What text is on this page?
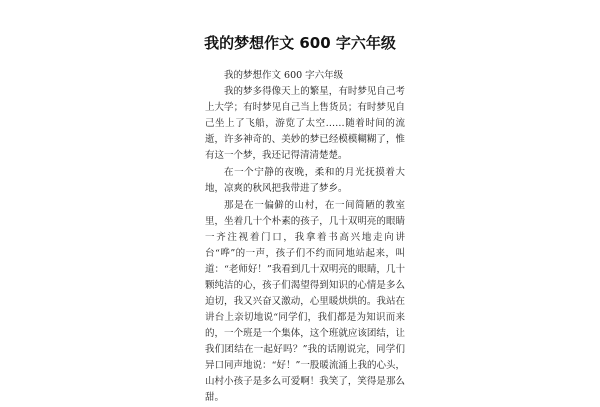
我的梦想作文 600 字六年级

我的梦想作文 600 字六年级

我的梦多得像天上的繁星，有时梦见自己考上大学；有时梦见自己当上售货员；有时梦见自己坐上了飞船，游览了太空……随着时间的流逝，许多神奇的、美妙的梦已经模模糊糊了，惟有这一个梦，我还记得清清楚楚。

在一个宁静的夜晚，柔和的月光抚摸着大地，凉爽的秋风把我带进了梦乡。

那是在一偏僻的山村，在一间简陋的教室里，坐着几十个朴素的孩子，几十双明亮的眼睛一齐注视着门口，我拿着书高兴地走向讲台“哗”的一声，孩子们不约而同地站起来，叫道：“老师好！”我看到几十双明亮的眼睛，几十颗纯洁的心，孩子们渴望得到知识的心情是多么迫切，我又兴奋又激动，心里暖烘烘的。我站在讲台上亲切地说“同学们，我们都是为知识而来的，一个班是一个集体，这个班就应该团结，让我们团结在一起好吗？”我的话刚说完，同学们异口同声地说：“好！”一股暖流涌上我的心头，山村小孩子是多么可爱啊！我笑了，笑得是那么甜。
